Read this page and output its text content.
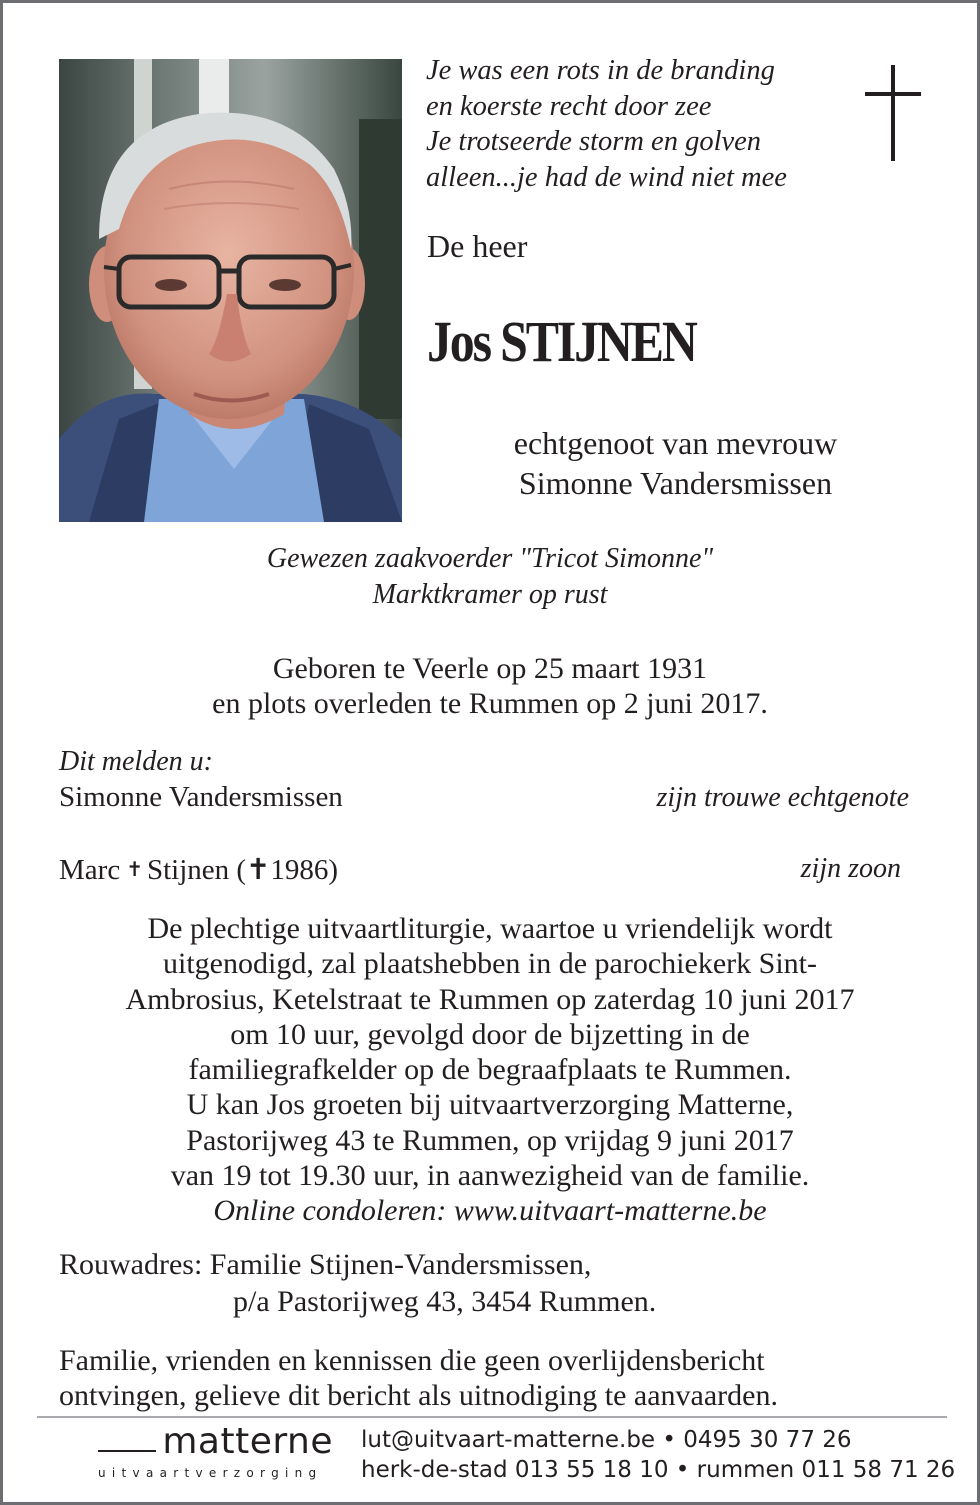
Je was een rots in de branding
en koerste recht door zee
Je trotseerde storm en golven
alleen...je had de wind niet mee
De heer
Jos STIJNEN
echtgenoot van mevrouw
Simonne Vandersmissen
Gewezen zaakvoerder "Tricot Simonne"
Marktkramer op rust
Geboren te Veerle op 25 maart 1931
en plots overleden te Rummen op 2 juni 2017.
Dit melden u:
Simonne Vandersmissen	zijn trouwe echtgenote
Marc ✝ Stijnen (✝1986)	zijn zoon
De plechtige uitvaartliturgie, waartoe u vriendelijk wordt
uitgenodigd, zal plaatshebben in de parochiekerk Sint-
Ambrosius, Ketelstraat te Rummen op zaterdag 10 juni 2017
om 10 uur, gevolgd door de bijzetting in de
familiegrafkelder op de begraafplaats te Rummen.
U kan Jos groeten bij uitvaartverzorging Matterne,
Pastorijweg 43 te Rummen, op vrijdag 9 juni 2017
van 19 tot 19.30 uur, in aanwezigheid van de familie.
Online condoleren: www.uitvaart-matterne.be
Rouwadres: Familie Stijnen-Vandersmissen,
p/a Pastorijweg 43, 3454 Rummen.
Familie, vrienden en kennissen die geen overlijdensbericht
ontvingen, gelieve dit bericht als uitnodiging te aanvaarden.
matterne
uitvaartverzorging
lut@uitvaart-matterne.be • 0495 30 77 26
herk-de-stad 013 55 18 10 • rummen 011 58 71 26
